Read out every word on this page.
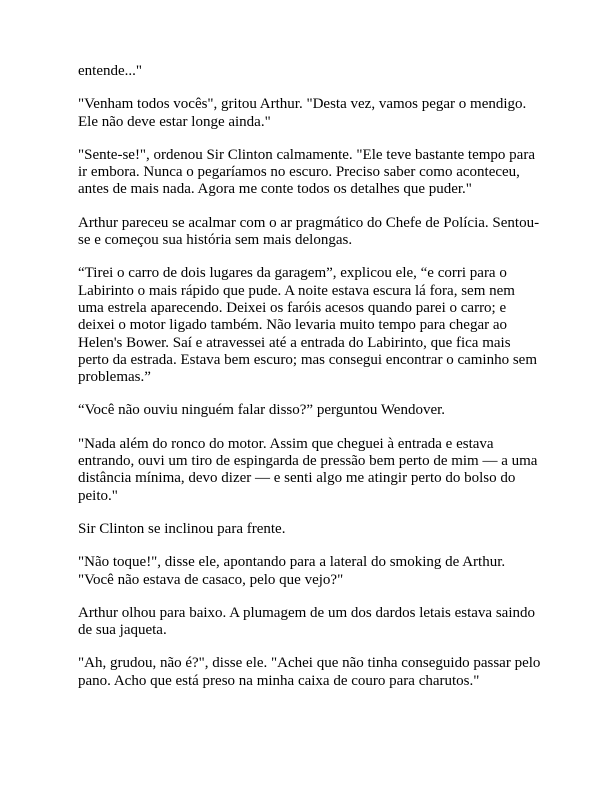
entende..."

"Venham todos vocês", gritou Arthur. "Desta vez, vamos pegar o mendigo. Ele não deve estar longe ainda."

"Sente-se!", ordenou Sir Clinton calmamente. "Ele teve bastante tempo para ir embora. Nunca o pegaríamos no escuro. Preciso saber como aconteceu, antes de mais nada. Agora me conte todos os detalhes que puder."

Arthur pareceu se acalmar com o ar pragmático do Chefe de Polícia. Sentou-se e começou sua história sem mais delongas.

“Tirei o carro de dois lugares da garagem”, explicou ele, “e corri para o Labirinto o mais rápido que pude. A noite estava escura lá fora, sem nem uma estrela aparecendo. Deixei os faróis acesos quando parei o carro; e deixei o motor ligado também. Não levaria muito tempo para chegar ao Helen's Bower. Saí e atravessei até a entrada do Labirinto, que fica mais perto da estrada. Estava bem escuro; mas consegui encontrar o caminho sem problemas.”

“Você não ouviu ninguém falar disso?” perguntou Wendover.

"Nada além do ronco do motor. Assim que cheguei à entrada e estava entrando, ouvi um tiro de espingarda de pressão bem perto de mim — a uma distância mínima, devo dizer — e senti algo me atingir perto do bolso do peito."

Sir Clinton se inclinou para frente.

"Não toque!", disse ele, apontando para a lateral do smoking de Arthur. "Você não estava de casaco, pelo que vejo?"

Arthur olhou para baixo. A plumagem de um dos dardos letais estava saindo de sua jaqueta.

"Ah, grudou, não é?", disse ele. "Achei que não tinha conseguido passar pelo pano. Acho que está preso na minha caixa de couro para charutos."
